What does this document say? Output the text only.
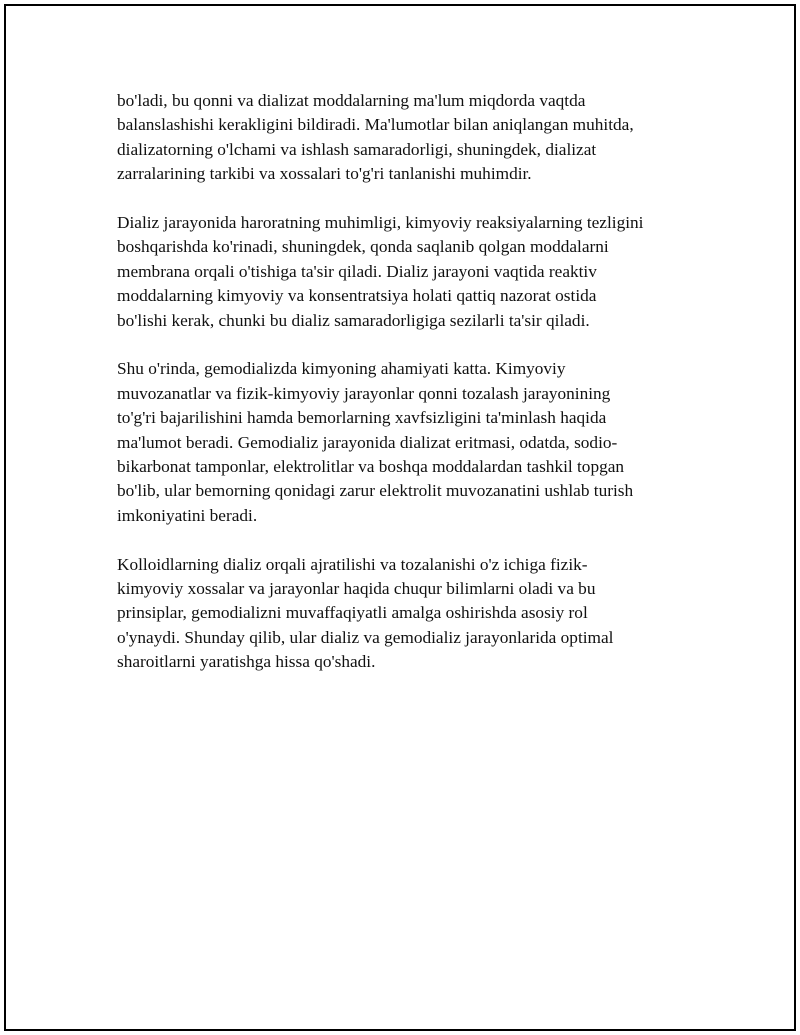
bo'ladi, bu qonni va dializat moddalarning ma'lum miqdorda vaqtda
balanslashishi kerakligini bildiradi. Ma'lumotlar bilan aniqlangan muhitda,
dializatorning o'lchami va ishlash samaradorligi, shuningdek, dializat
zarralarining tarkibi va xossalari to'g'ri tanlanishi muhimdir.

Dializ jarayonida haroratning muhimligi, kimyoviy reaksiyalarning tezligini
boshqarishda ko'rinadi, shuningdek, qonda saqlanib qolgan moddalarni
membrana orqali o'tishiga ta'sir qiladi. Dializ jarayoni vaqtida reaktiv
moddalarning kimyoviy va konsentratsiya holati qattiq nazorat ostida
bo'lishi kerak, chunki bu dializ samaradorligiga sezilarli ta'sir qiladi.

Shu o'rinda, gemodializda kimyoning ahamiyati katta. Kimyoviy
muvozanatlar va fizik-kimyoviy jarayonlar qonni tozalash jarayonining
to'g'ri bajarilishini hamda bemorlarning xavfsizligini ta'minlash haqida
ma'lumot beradi. Gemodializ jarayonida dializat eritmasi, odatda, sodio-
bikarbonat tamponlar, elektrolitlar va boshqa moddalardan tashkil topgan
bo'lib, ular bemorning qonidagi zarur elektrolit muvozanatini ushlab turish
imkoniyatini beradi.

Kolloidlarning dializ orqali ajratilishi va tozalanishi o'z ichiga fizik-
kimyoviy xossalar va jarayonlar haqida chuqur bilimlarni oladi va bu
prinsiplar, gemodializni muvaffaqiyatli amalga oshirishda asosiy rol
o'ynaydi. Shunday qilib, ular dializ va gemodializ jarayonlarida optimal
sharoitlarni yaratishga hissa qo'shadi.
